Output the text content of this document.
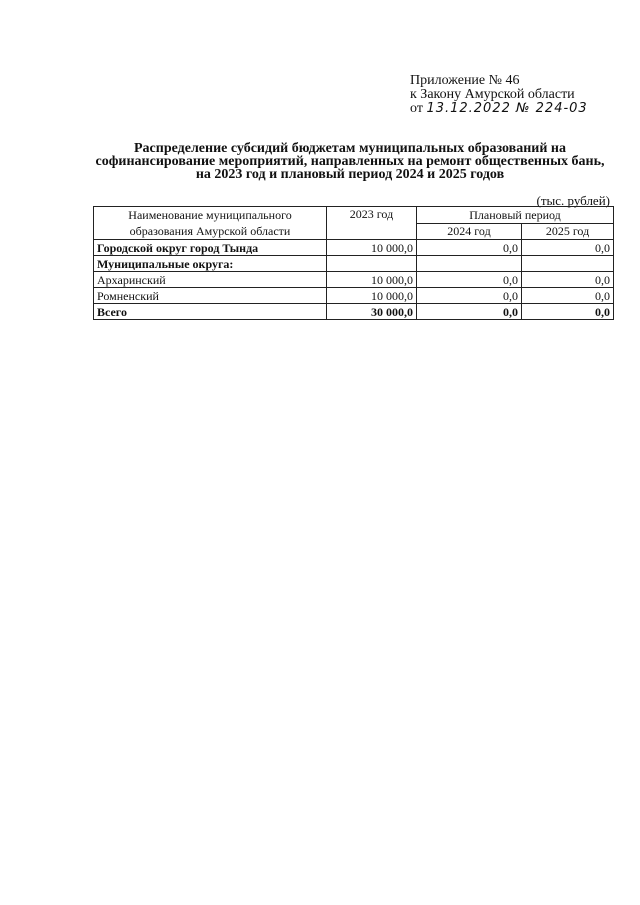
Приложение № 46
к Закону Амурской области
от 13.12.2022 № 224-03
Распределение субсидий бюджетам муниципальных образований на софинансирование мероприятий, направленных на ремонт общественных бань, на 2023 год и плановый период 2024 и 2025 годов
(тыс. рублей)
Наименование муниципального образования Амурской области	2023 год	Плановый период	
		2024 год	2025 год
Городской округ город Тында	10 000,0	0,0	0,0
Муниципальные округа:			
Архаринский	10 000,0	0,0	0,0
Ромненский	10 000,0	0,0	0,0
Всего	30 000,0	0,0	0,0
